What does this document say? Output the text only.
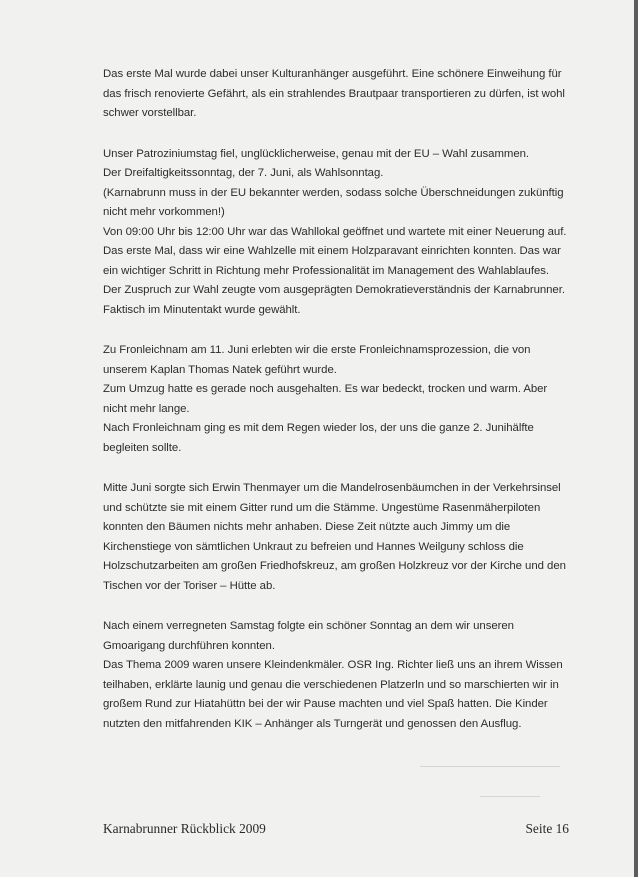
Das erste Mal wurde dabei unser Kulturanhänger ausgeführt. Eine schönere Einweihung für
das frisch renovierte Gefährt, als ein strahlendes Brautpaar transportieren zu dürfen, ist wohl
schwer vorstellbar.

Unser Patroziniumstag fiel, unglücklicherweise, genau mit der EU – Wahl zusammen.
Der Dreifaltigkeitssonntag, der 7. Juni, als Wahlsonntag.
(Karnabrunn muss in der EU bekannter werden, sodass solche Überschneidungen zukünftig
nicht mehr vorkommen!)
Von 09:00 Uhr bis 12:00 Uhr war das Wahllokal geöffnet und wartete mit einer Neuerung auf.
Das erste Mal, dass wir eine Wahlzelle mit einem Holzparavant einrichten konnten. Das war
ein wichtiger Schritt in Richtung mehr Professionalität im Management des Wahlablaufes.
Der Zuspruch zur Wahl zeugte vom ausgeprägten Demokratieverständnis der Karnabrunner.
Faktisch im Minutentakt wurde gewählt.

Zu Fronleichnam am 11. Juni erlebten wir die erste Fronleichnamsprozession, die von
unserem Kaplan Thomas Natek geführt wurde.
Zum Umzug hatte es gerade noch ausgehalten. Es war bedeckt, trocken und warm. Aber
nicht mehr lange.
Nach Fronleichnam ging es mit dem Regen wieder los, der uns die ganze 2. Junihälfte
begleiten sollte.

Mitte Juni sorgte sich Erwin Thenmayer um die Mandelrosenbäumchen in der Verkehrsinsel
und schützte sie mit einem Gitter rund um die Stämme. Ungestüme Rasenmäherpiloten
konnten den Bäumen nichts mehr anhaben. Diese Zeit nützte auch Jimmy um die
Kirchenstiege von sämtlichen Unkraut zu befreien und Hannes Weilguny schloss die
Holzschutzarbeiten am großen Friedhofskreuz, am großen Holzkreuz vor der Kirche und den
Tischen vor der Toriser – Hütte ab.

Nach einem verregneten Samstag folgte ein schöner Sonntag an dem wir unseren
Gmoarigang durchführen konnten.
Das Thema 2009 waren unsere Kleindenkmäler. OSR Ing. Richter ließ uns an ihrem Wissen
teilhaben, erklärte launig und genau die verschiedenen Platzerln und so marschierten wir in
großem Rund zur Hiatahüttn bei der wir Pause machten und viel Spaß hatten. Die Kinder
nutzten den mitfahrenden KIK – Anhänger als Turngerät und genossen den Ausflug.

Karnabrunner Rückblick 2009	Seite 16
